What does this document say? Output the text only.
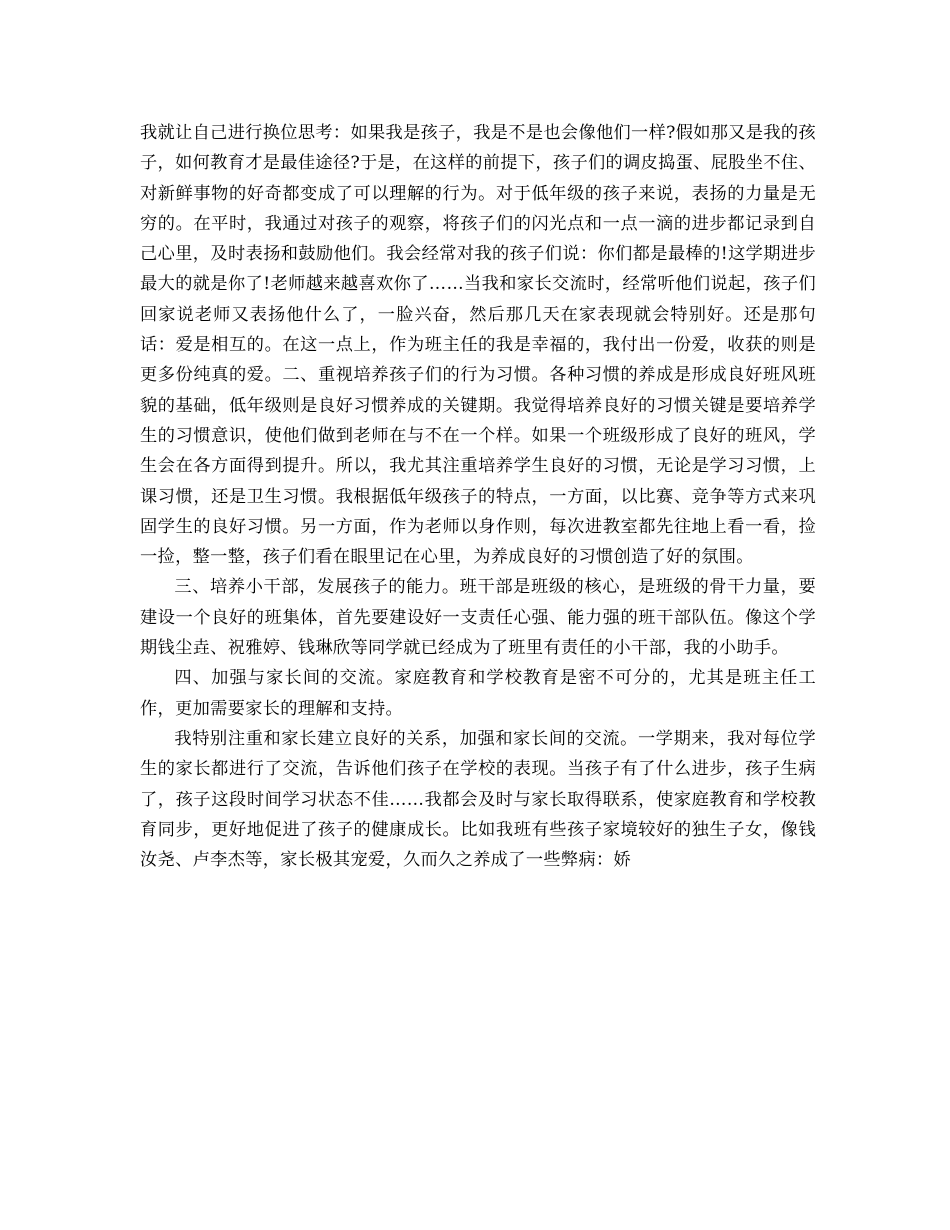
我就让自己进行换位思考：如果我是孩子，我是不是也会像他们一样?假如那又是我的孩子，如何教育才是最佳途径?于是，在这样的前提下，孩子们的调皮捣蛋、屁股坐不住、对新鲜事物的好奇都变成了可以理解的行为。对于低年级的孩子来说，表扬的力量是无穷的。在平时，我通过对孩子的观察，将孩子们的闪光点和一点一滴的进步都记录到自己心里，及时表扬和鼓励他们。我会经常对我的孩子们说：你们都是最棒的!这学期进步最大的就是你了!老师越来越喜欢你了……当我和家长交流时，经常听他们说起，孩子们回家说老师又表扬他什么了，一脸兴奋，然后那几天在家表现就会特别好。还是那句话：爱是相互的。在这一点上，作为班主任的我是幸福的，我付出一份爱，收获的则是更多份纯真的爱。二、重视培养孩子们的行为习惯。各种习惯的养成是形成良好班风班貌的基础，低年级则是良好习惯养成的关键期。我觉得培养良好的习惯关键是要培养学生的习惯意识，使他们做到老师在与不在一个样。如果一个班级形成了良好的班风，学生会在各方面得到提升。所以，我尤其注重培养学生良好的习惯，无论是学习习惯，上课习惯，还是卫生习惯。我根据低年级孩子的特点，一方面，以比赛、竞争等方式来巩固学生的良好习惯。另一方面，作为老师以身作则，每次进教室都先往地上看一看，捡一捡，整一整，孩子们看在眼里记在心里，为养成良好的习惯创造了好的氛围。

三、培养小干部，发展孩子的能力。班干部是班级的核心，是班级的骨干力量，要建设一个良好的班集体，首先要建设好一支责任心强、能力强的班干部队伍。像这个学期钱尘垚、祝雅婷、钱琳欣等同学就已经成为了班里有责任的小干部，我的小助手。

四、加强与家长间的交流。家庭教育和学校教育是密不可分的，尤其是班主任工作，更加需要家长的理解和支持。

我特别注重和家长建立良好的关系，加强和家长间的交流。一学期来，我对每位学生的家长都进行了交流，告诉他们孩子在学校的表现。当孩子有了什么进步，孩子生病了，孩子这段时间学习状态不佳……我都会及时与家长取得联系，使家庭教育和学校教育同步，更好地促进了孩子的健康成长。比如我班有些孩子家境较好的独生子女，像钱汝尧、卢李杰等，家长极其宠爱，久而久之养成了一些弊病：娇
